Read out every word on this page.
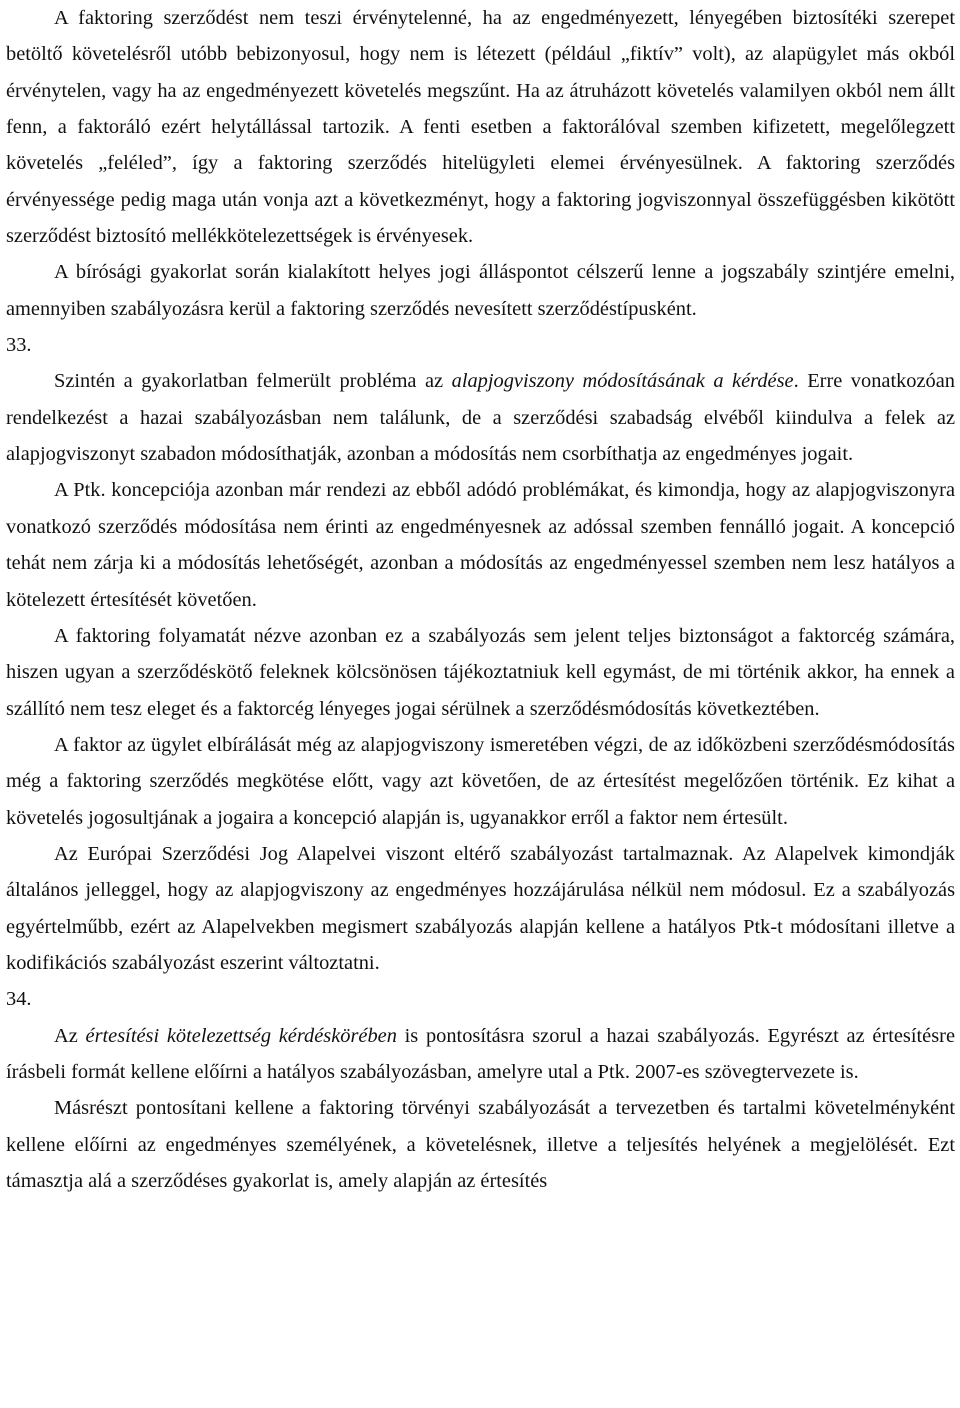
A faktoring szerződést nem teszi érvénytelenné, ha az engedményezett, lényegében biztosítéki szerepet betöltő követelésről utóbb bebizonyosul, hogy nem is létezett (például „fiktív” volt), az alapügylet más okból érvénytelen, vagy ha az engedményezett követelés megszűnt. Ha az átruházott követelés valamilyen okból nem állt fenn, a faktoráló ezért helytállással tartozik. A fenti esetben a faktorálóval szemben kifizetett, megelőlegzett követelés „feléled”, így a faktoring szerződés hitelügyleti elemei érvényesülnek. A faktoring szerződés érvényessége pedig maga után vonja azt a következményt, hogy a faktoring jogviszonnyal összefüggésben kikötött szerződést biztosító mellékkötelezettségek is érvényesek.

A bírósági gyakorlat során kialakított helyes jogi álláspontot célszerű lenne a jogszabály szintjére emelni, amennyiben szabályozásra kerül a faktoring szerződés nevesített szerződéstípusként.

33.

Szintén a gyakorlatban felmerült probléma az alapjogviszony módosításának a kérdése. Erre vonatkozóan rendelkezést a hazai szabályozásban nem találunk, de a szerződési szabadság elvéből kiindulva a felek az alapjogviszonyt szabadon módosíthatják, azonban a módosítás nem csorbíthatja az engedményes jogait.

A Ptk. koncepciója azonban már rendezi az ebből adódó problémákat, és kimondja, hogy az alapjogviszonyra vonatkozó szerződés módosítása nem érinti az engedményesnek az adóssal szemben fennálló jogait. A koncepció tehát nem zárja ki a módosítás lehetőségét, azonban a módosítás az engedményessel szemben nem lesz hatályos a kötelezett értesítését követően.

A faktoring folyamatát nézve azonban ez a szabályozás sem jelent teljes biztonságot a faktorcég számára, hiszen ugyan a szerződéskötő feleknek kölcsönösen tájékoztatniuk kell egymást, de mi történik akkor, ha ennek a szállító nem tesz eleget és a faktorcég lényeges jogai sérülnek a szerződésmódosítás következtében.

A faktor az ügylet elbírálását még az alapjogviszony ismeretében végzi, de az időközbeni szerződésmódosítás még a faktoring szerződés megkötése előtt, vagy azt követően, de az értesítést megelőzően történik. Ez kihat a követelés jogosultjának a jogaira a koncepció alapján is, ugyanakkor erről a faktor nem értesült.

Az Európai Szerződési Jog Alapelvei viszont eltérő szabályozást tartalmaznak. Az Alapelvek kimondják általános jelleggel, hogy az alapjogviszony az engedményes hozzájárulása nélkül nem módosul. Ez a szabályozás egyértelműbb, ezért az Alapelvekben megismert szabályozás alapján kellene a hatályos Ptk-t módosítani illetve a kodifikációs szabályozást eszerint változtatni.

34.

Az értesítési kötelezettség kérdéskörében is pontosításra szorul a hazai szabályozás. Egyrészt az értesítésre írásbeli formát kellene előírni a hatályos szabályozásban, amelyre utal a Ptk. 2007-es szövegtervezete is.

Másrészt pontosítani kellene a faktoring törvényi szabályozását a tervezetben és tartalmi követelményként kellene előírni az engedményes személyének, a követelésnek, illetve a teljesítés helyének a megjelölését. Ezt támasztja alá a szerződéses gyakorlat is, amely alapján az értesítés
